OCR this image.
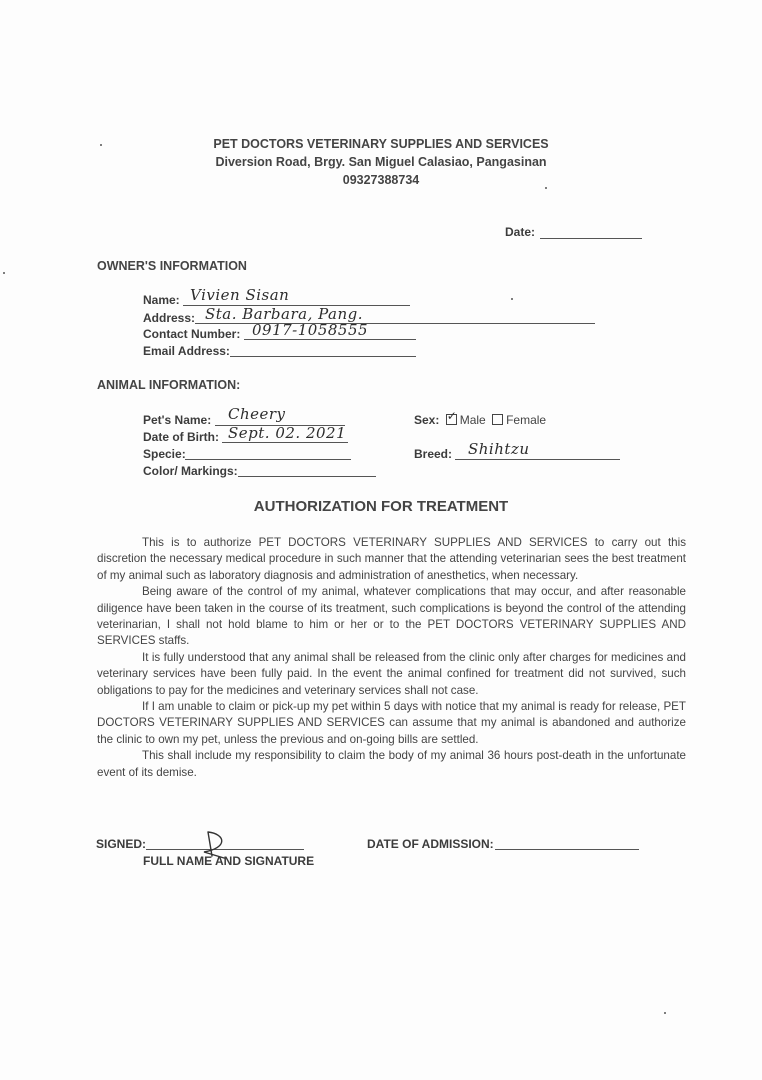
PET DOCTORS VETERINARY SUPPLIES AND SERVICES
Diversion Road, Brgy. San Miguel Calasiao, Pangasinan
09327388734
Date:
OWNER'S INFORMATION
Name: Vivien Sisan
Address: Sta. Barbara, Pang.
Contact Number: 0917-1058555
Email Address:
ANIMAL INFORMATION:
Pet's Name: Cheery
Date of Birth: Sept. 02. 2021
Specie:
Color/ Markings:
Sex: ✓ Male Female
Breed: Shihtzu
AUTHORIZATION FOR TREATMENT

This is to authorize PET DOCTORS VETERINARY SUPPLIES AND SERVICES to carry out this discretion the necessary medical procedure in such manner that the attending veterinarian sees the best treatment of my animal such as laboratory diagnosis and administration of anesthetics, when necessary.

Being aware of the control of my animal, whatever complications that may occur, and after reasonable diligence have been taken in the course of its treatment, such complications is beyond the control of the attending veterinarian, I shall not hold blame to him or her or to the PET DOCTORS VETERINARY SUPPLIES AND SERVICES staffs.

It is fully understood that any animal shall be released from the clinic only after charges for medicines and veterinary services have been fully paid. In the event the animal confined for treatment did not survived, such obligations to pay for the medicines and veterinary services shall not case.

If I am unable to claim or pick-up my pet within 5 days with notice that my animal is ready for release, PET DOCTORS VETERINARY SUPPLIES AND SERVICES can assume that my animal is abandoned and authorize the clinic to own my pet, unless the previous and on-going bills are settled.

This shall include my responsibility to claim the body of my animal 36 hours post-death in the unfortunate event of its demise.

SIGNED:
FULL NAME AND SIGNATURE
DATE OF ADMISSION:
